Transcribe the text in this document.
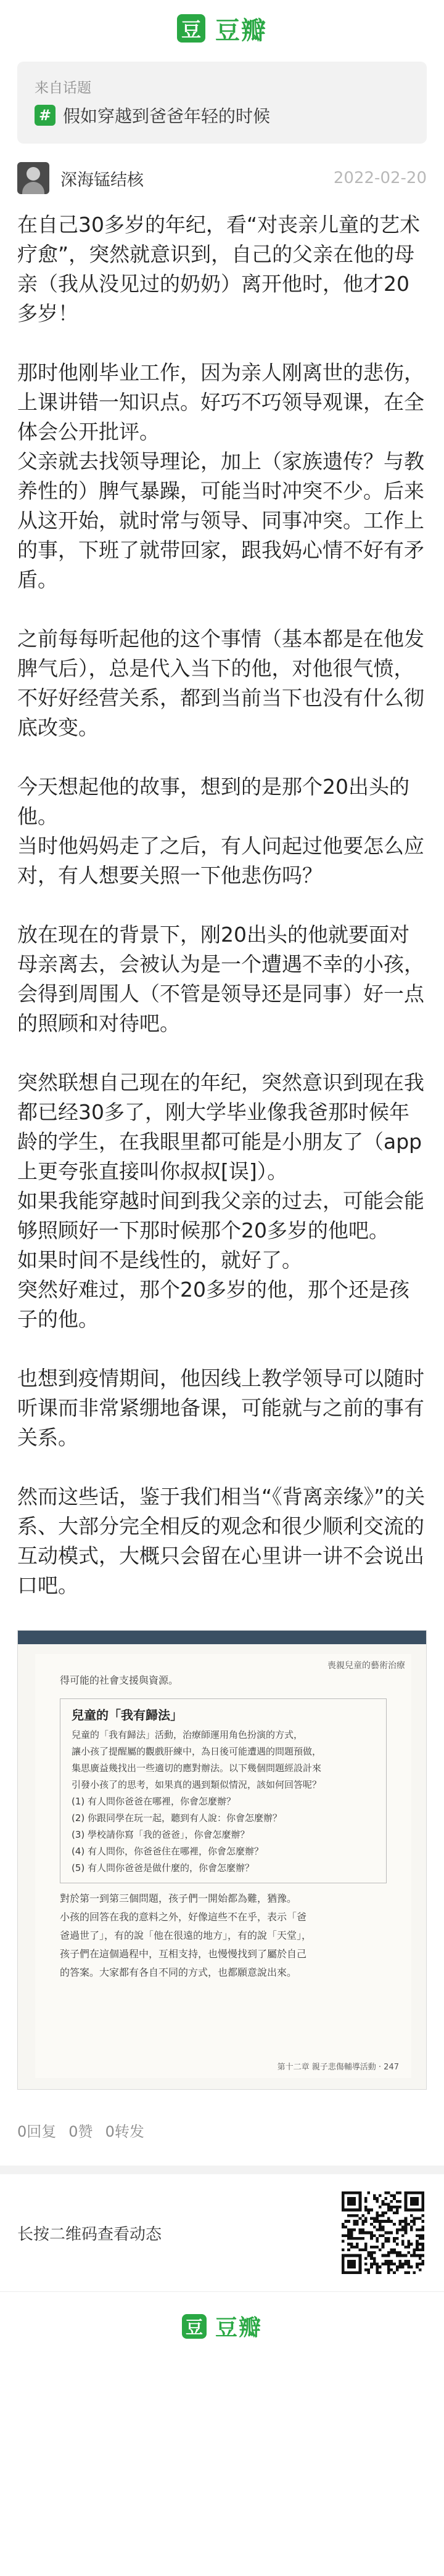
豆 豆瓣
来自话题
# 假如穿越到爸爸年轻的时候
深海锰结核	2022-02-20

在自己30多岁的年纪，看“对丧亲儿童的艺术疗愈”，突然就意识到，自己的父亲在他的母亲（我从没见过的奶奶）离开他时，他才20多岁！

那时他刚毕业工作，因为亲人刚离世的悲伤，上课讲错一知识点。好巧不巧领导观课，在全体会公开批评。
父亲就去找领导理论，加上（家族遗传？与教养性的）脾气暴躁，可能当时冲突不少。后来从这开始，就时常与领导、同事冲突。工作上的事，下班了就带回家，跟我妈心情不好有矛盾。

之前每每听起他的这个事情（基本都是在他发脾气后），总是代入当下的他，对他很气愤，不好好经营关系，都到当前当下也没有什么彻底改变。

今天想起他的故事，想到的是那个20出头的他。
当时他妈妈走了之后，有人问起过他要怎么应对，有人想要关照一下他悲伤吗？

放在现在的背景下，刚20出头的他就要面对母亲离去，会被认为是一个遭遇不幸的小孩，会得到周围人（不管是领导还是同事）好一点的照顾和对待吧。

突然联想自己现在的年纪，突然意识到现在我都已经30多了，刚大学毕业像我爸那时候年龄的学生，在我眼里都可能是小朋友了（app上更夸张直接叫你叔叔[误]）。
如果我能穿越时间到我父亲的过去，可能会能够照顾好一下那时候那个20多岁的他吧。
如果时间不是线性的，就好了。
突然好难过，那个20多岁的他，那个还是孩子的他。

也想到疫情期间，他因线上教学领导可以随时听课而非常紧绷地备课，可能就与之前的事有关系。

然而这些话，鉴于我们相当“《背离亲缘》”的关系、大部分完全相反的观念和很少顺利交流的互动模式，大概只会留在心里讲一讲不会说出口吧。

喪親兒童的藝術治療
得可能的社會支援與資源。
兒童的「我有歸法」
兒童的「我有歸法」活動，治療師運用角色扮演的方式，
讓小孩了提醒屬的觀戲肝練中，為日後可能遭遇的問題預做，
集思廣益幾找出一些適切的應對辦法。以下幾個問題經設計來
引發小孩了的思考，如果真的遇到類似情況，該如何回答呢？
(1) 有人問你爸爸在哪裡，你會怎麼辦？
(2) 你跟同學在玩一起，聽到有人說：你會怎麼辦？
(3) 學校請你寫「我的爸爸」，你會怎麼辦？
(4) 有人問你，你爸爸住在哪裡，你會怎麼辦？
(5) 有人問你爸爸是做什麼的，你會怎麼辦？
對於第一到第三個問題，孩子們一開始都為難，猶豫。
小孩的回答在我的意料之外，好像這些不在乎，表示「爸
爸過世了」，有的說「他在很遠的地方」，有的說「天堂」，
孩子們在這個過程中，互相支持，也慢慢找到了屬於自己
的答案。大家都有各自不同的方式，也都願意說出來。
第十二章 親子悲傷輔導活動 · 247
0回复 0赞 0转发
长按二维码查看动态
豆 豆瓣
